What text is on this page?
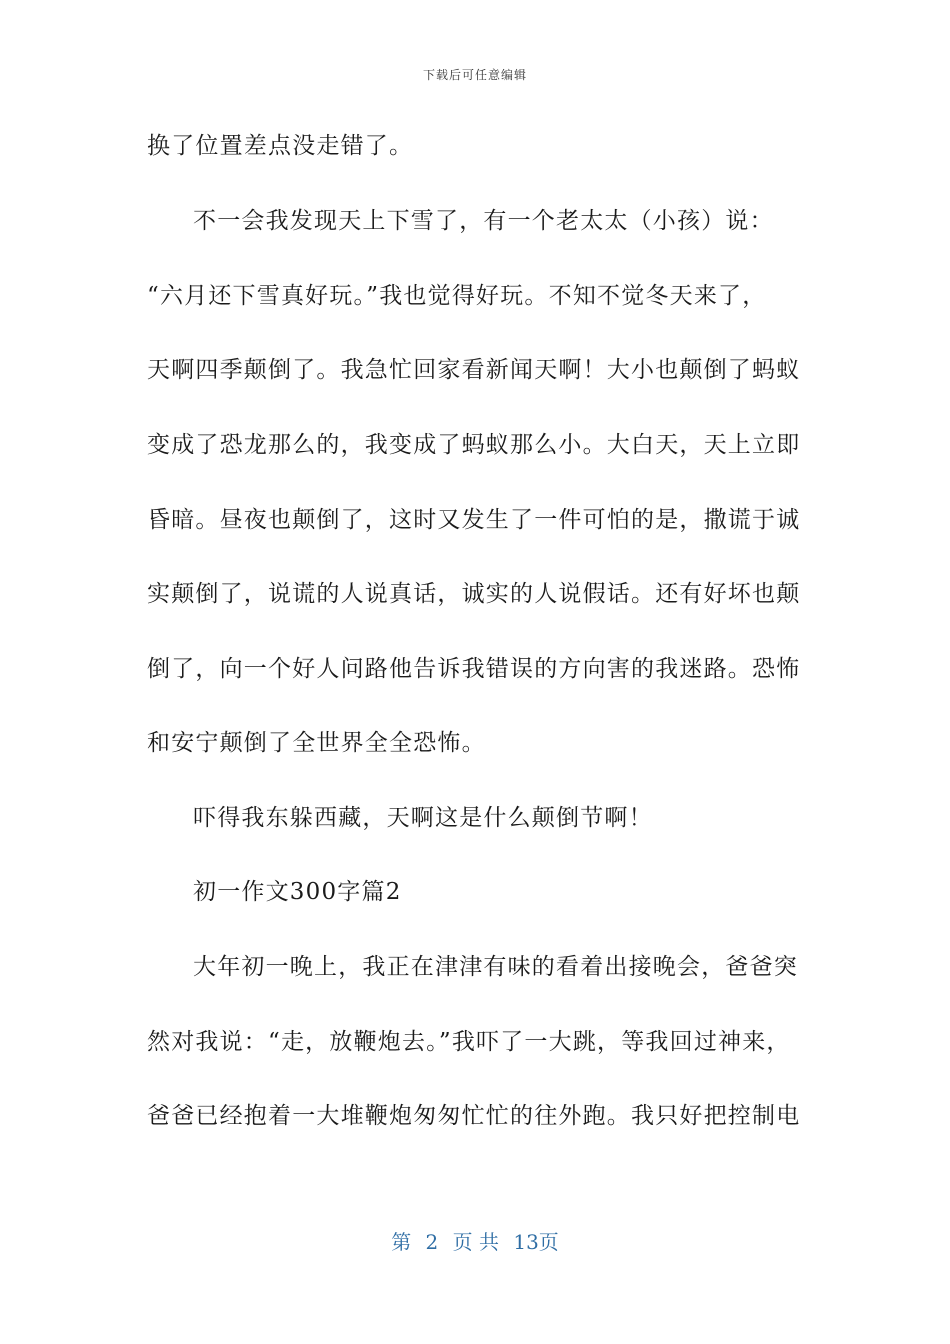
下载后可任意编辑
换了位置差点没走错了。
不一会我发现天上下雪了，有一个老太太（小孩）说：
“六月还下雪真好玩。”我也觉得好玩。不知不觉冬天来了，
天啊四季颠倒了。我急忙回家看新闻天啊！大小也颠倒了蚂蚁
变成了恐龙那么的，我变成了蚂蚁那么小。大白天，天上立即
昏暗。昼夜也颠倒了，这时又发生了一件可怕的是，撒谎于诚
实颠倒了，说谎的人说真话，诚实的人说假话。还有好坏也颠
倒了，向一个好人问路他告诉我错误的方向害的我迷路。恐怖
和安宁颠倒了全世界全全恐怖。
吓得我东躲西藏，天啊这是什么颠倒节啊！
初一作文300字篇2
大年初一晚上，我正在津津有味的看着出接晚会，爸爸突
然对我说：“走，放鞭炮去。”我吓了一大跳，等我回过神来，
爸爸已经抱着一大堆鞭炮匆匆忙忙的往外跑。我只好把控制电
第 2 页 共 13页
